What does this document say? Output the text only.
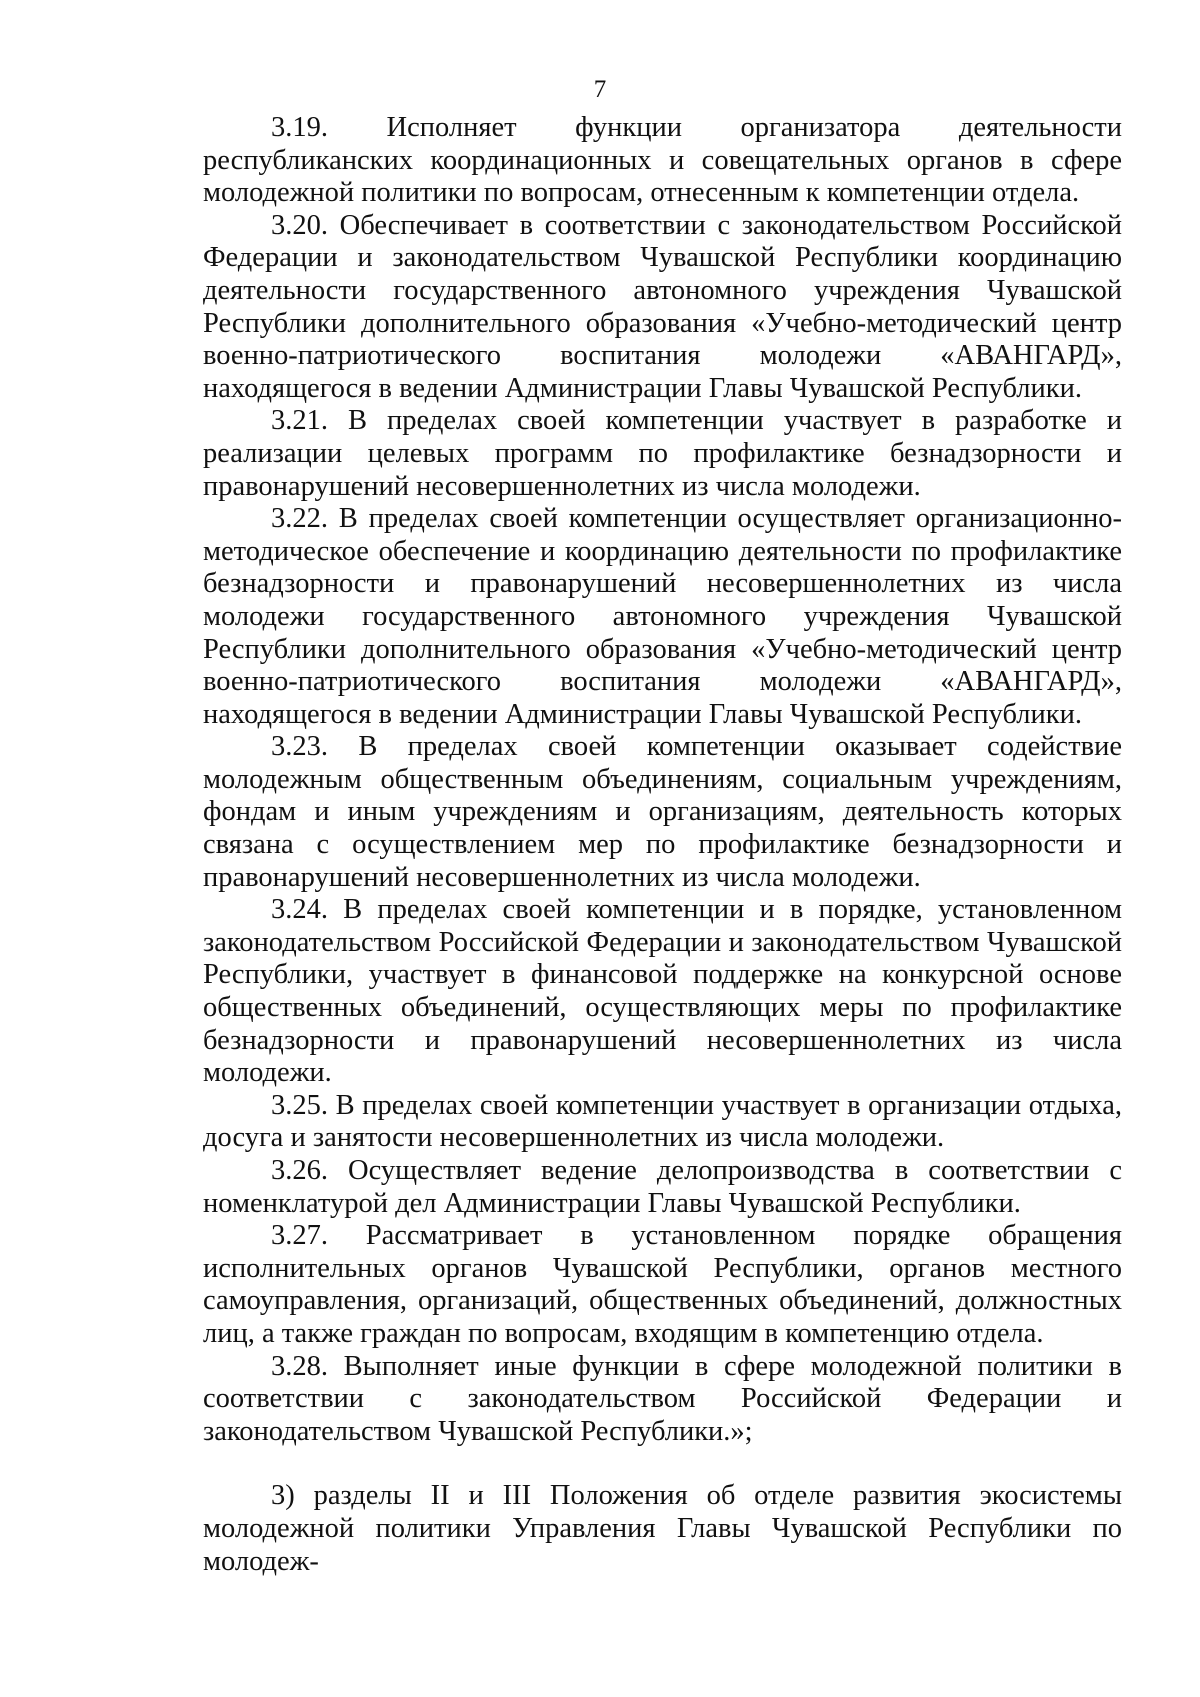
7

3.19. Исполняет функции организатора деятельности республиканских координационных и совещательных органов в сфере молодежной политики по вопросам, отнесенным к компетенции отдела.

3.20. Обеспечивает в соответствии с законодательством Российской Федерации и законодательством Чувашской Республики координацию деятельности государственного автономного учреждения Чувашской Республики дополнительного образования «Учебно-методический центр военно-патриотического воспитания молодежи «АВАНГАРД», находящегося в ведении Администрации Главы Чувашской Республики.

3.21. В пределах своей компетенции участвует в разработке и реализации целевых программ по профилактике безнадзорности и правонарушений несовершеннолетних из числа молодежи.

3.22. В пределах своей компетенции осуществляет организационно-методическое обеспечение и координацию деятельности по профилактике безнадзорности и правонарушений несовершеннолетних из числа молодежи государственного автономного учреждения Чувашской Республики дополнительного образования «Учебно-методический центр военно-патриотического воспитания молодежи «АВАНГАРД», находящегося в ведении Администрации Главы Чувашской Республики.

3.23. В пределах своей компетенции оказывает содействие молодежным общественным объединениям, социальным учреждениям, фондам и иным учреждениям и организациям, деятельность которых связана с осуществлением мер по профилактике безнадзорности и правонарушений несовершеннолетних из числа молодежи.

3.24. В пределах своей компетенции и в порядке, установленном законодательством Российской Федерации и законодательством Чувашской Республики, участвует в финансовой поддержке на конкурсной основе общественных объединений, осуществляющих меры по профилактике безнадзорности и правонарушений несовершеннолетних из числа молодежи.

3.25. В пределах своей компетенции участвует в организации отдыха, досуга и занятости несовершеннолетних из числа молодежи.

3.26. Осуществляет ведение делопроизводства в соответствии с номенклатурой дел Администрации Главы Чувашской Республики.

3.27. Рассматривает в установленном порядке обращения исполнительных органов Чувашской Республики, органов местного самоуправления, организаций, общественных объединений, должностных лиц, а также граждан по вопросам, входящим в компетенцию отдела.

3.28. Выполняет иные функции в сфере молодежной политики в соответствии с законодательством Российской Федерации и законодательством Чувашской Республики.»;

3) разделы II и III Положения об отделе развития экосистемы молодежной политики Управления Главы Чувашской Республики по молодеж-
